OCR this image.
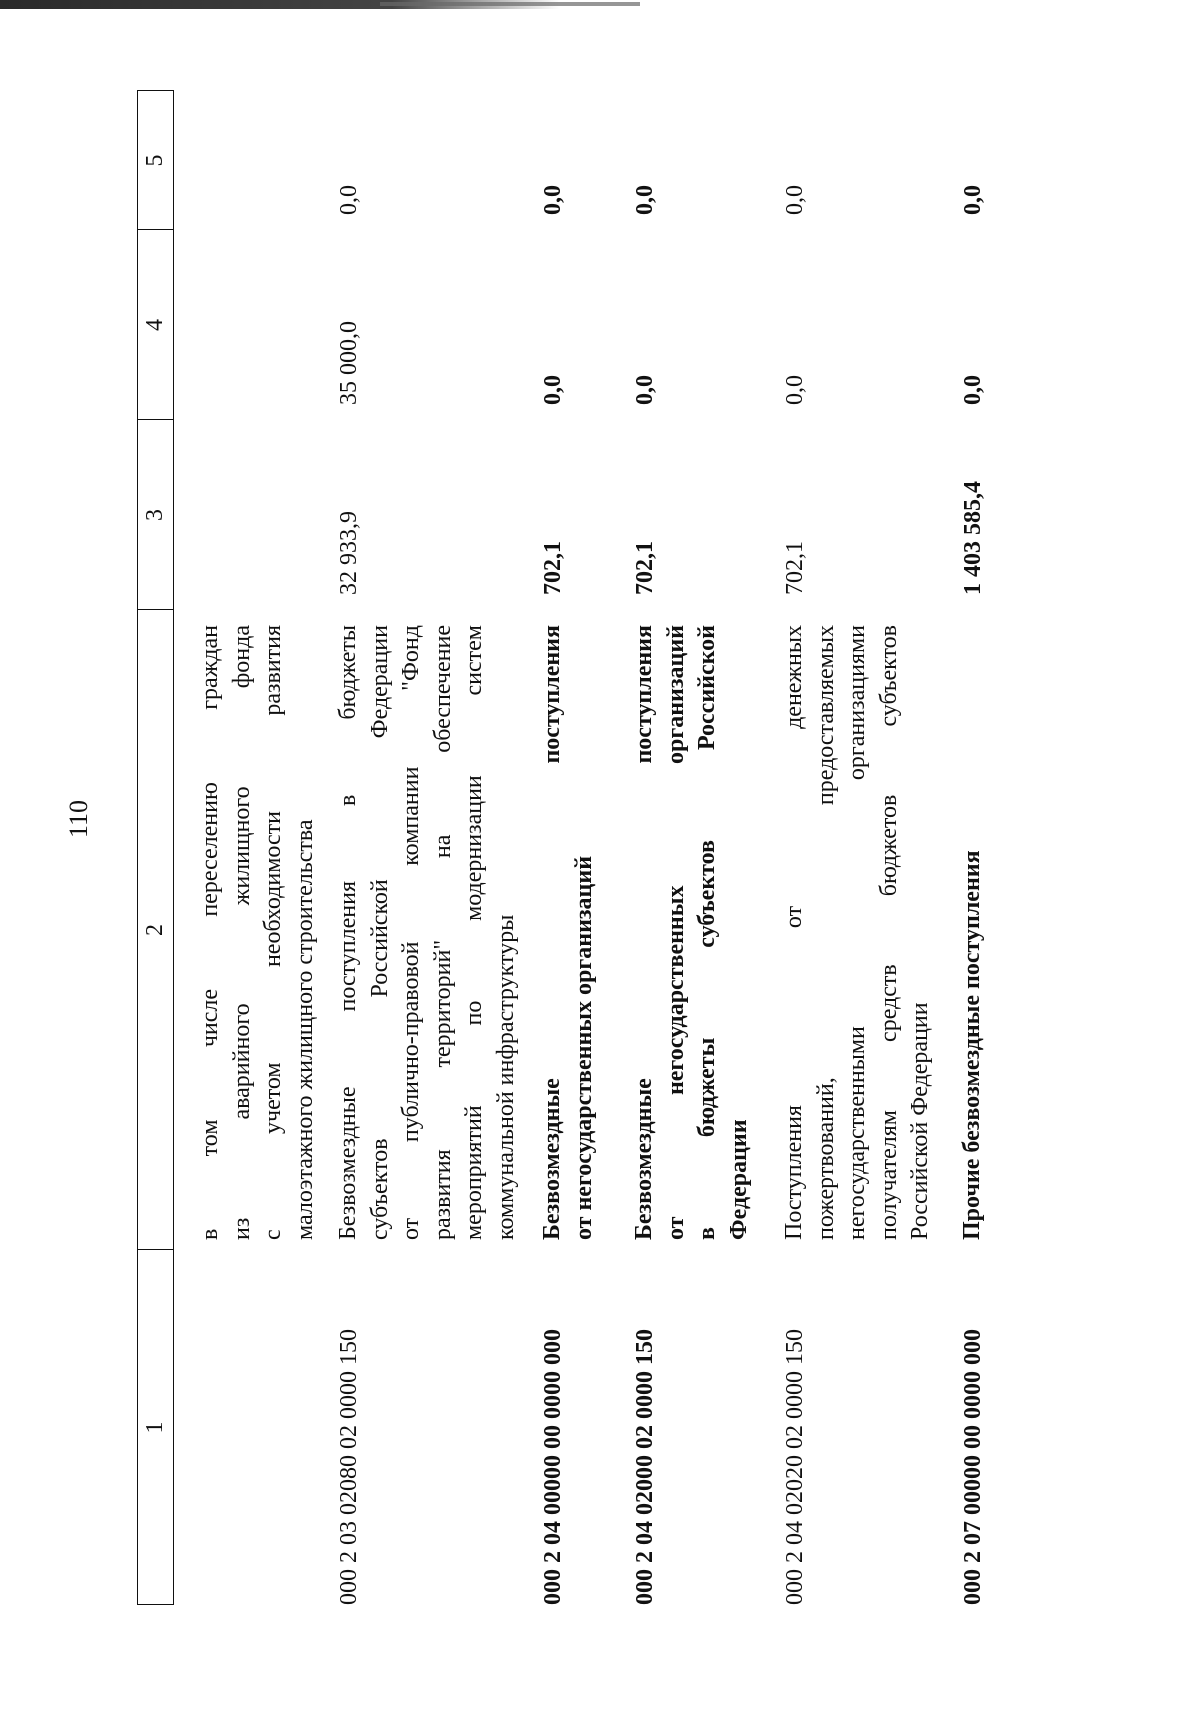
110
1
2
3
4
5
в том числе переселению граждан из аварийного жилищного фонда с учетом необходимости развития малоэтажного жилищного строительства
000 2 03 02080 02 0000 150
Безвозмездные поступления в бюджеты субъектов Российской Федерации от публично-правовой компании "Фонд развития территорий" на обеспечение мероприятий по модернизации систем коммунальной инфраструктуры
32 933,9
35 000,0
0,0
000 2 04 00000 00 0000 000
Безвозмездные поступления от негосударственных организаций
702,1
0,0
0,0
000 2 04 02000 02 0000 150
Безвозмездные поступления от негосударственных организаций в бюджеты субъектов Российской Федерации
702,1
0,0
0,0
000 2 04 02020 02 0000 150
Поступления от денежных пожертвований, предоставляемых негосударственными организациями получателям средств бюджетов субъектов Российской Федерации
702,1
0,0
0,0
000 2 07 00000 00 0000 000
Прочие безвозмездные поступления
1 403 585,4
0,0
0,0
